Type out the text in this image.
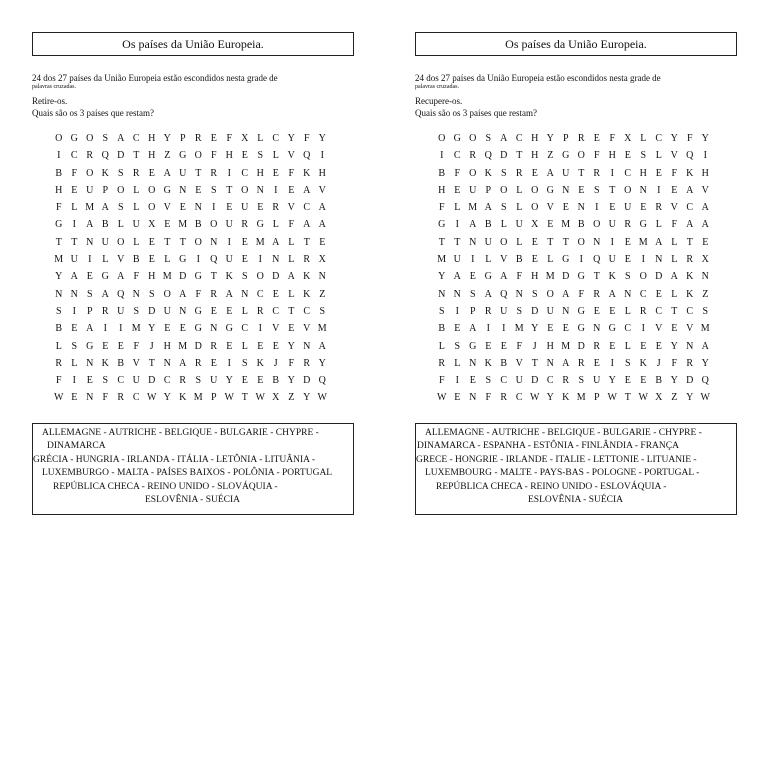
Os países da União Europeia.
24 dos 27 países da União Europeia estão escondidos nesta grade de
palavras cruzadas.
Retire-os.
Quais são os 3 países que restam?
O G O S A C H Y P R E F X L C Y F Y
I	C R Q D T H Z G O F H E S L V Q	I
B F O K S R E A U T R	I	C H E F K H
H E U P O L O G N E S T O N	I	E A V
F L M A S L O V E N	I	E U E R V C A
G	I	A B L U X E M B O U R G L F A A
T T N U O L E T T O N	I	E M A L T E
M U	I	L V B E L G	I	Q U E	I	N L R X
Y A E G A F H M D G T K S O D A K N
N N S A Q N S O A F R A N C E L K Z
S	I	P R U S D U N G E E L R C T C S
B E A	I	I M Y E E G N G C	I	V E V M
L S G E E F	J H M D R E L E E Y N A
R L N K B V T N A R E	I	S K J	F R Y
F	I	E S C U D C R S U Y E E B Y D Q
W E N F R C W Y K M P W T W X Z Y W
ALLEMAGNE - AUTRICHE - BELGIQUE - BULGARIE - CHYPRE -
DINAMARCA
GRÉCIA - HUNGRIA - IRLANDA - ITÁLIA - LETÔNIA - LITUÂNIA -
LUXEMBURGO - MALTA - PAÍSES BAIXOS - POLÔNIA - PORTUGAL
REPÚBLICA CHECA - REINO UNIDO - SLOVÁQUIA -
ESLOVÊNIA - SUÉCIA
Os países da União Europeia.
24 dos 27 países da União Europeia estão escondidos nesta grade de
palavras cruzadas.
Recupere-os.
Quais são os 3 países que restam?
O G O S A C H Y P R E F X L C Y F Y
I	C R Q D T H Z G O F H E S L V Q	I
B F O K S R E A U T R	I	C H E F K H
H E U P O L O G N E S T O N	I	E A V
F L M A S L O V E N	I	E U E R V C A
G	I	A B L U X E M B O U R G L F A A
T T N U O L E T T O N	I	E M A L T E
M U	I	L V B E L G	I	Q U E	I	N L R X
Y A E G A F H M D G T K S O D A K N
N N S A Q N S O A F R A N C E L K Z
S	I	P R U S D U N G E E L R C T C S
B E A	I	I M Y E E G N G C	I	V E V M
L S G E E F	J H M D R E L E E Y N A
R L N K B V T N A R E	I	S K J	F R Y
F	I	E S C U D C R S U Y E E B Y D Q
W E N F R C W Y K M P W T W X Z Y W
ALLEMAGNE - AUTRICHE - BELGIQUE - BULGARIE - CHYPRE -
DINAMARCA - ESPANHA - ESTÔNIA - FINLÂNDIA - FRANÇA
GRECE - HONGRIE - IRLANDE - ITALIE - LETTONIE - LITUANIE -
LUXEMBOURG - MALTE - PAYS-BAS - POLOGNE - PORTUGAL -
REPÚBLICA CHECA - REINO UNIDO - ESLOVÁQUIA -
ESLOVÊNIA - SUÉCIA
